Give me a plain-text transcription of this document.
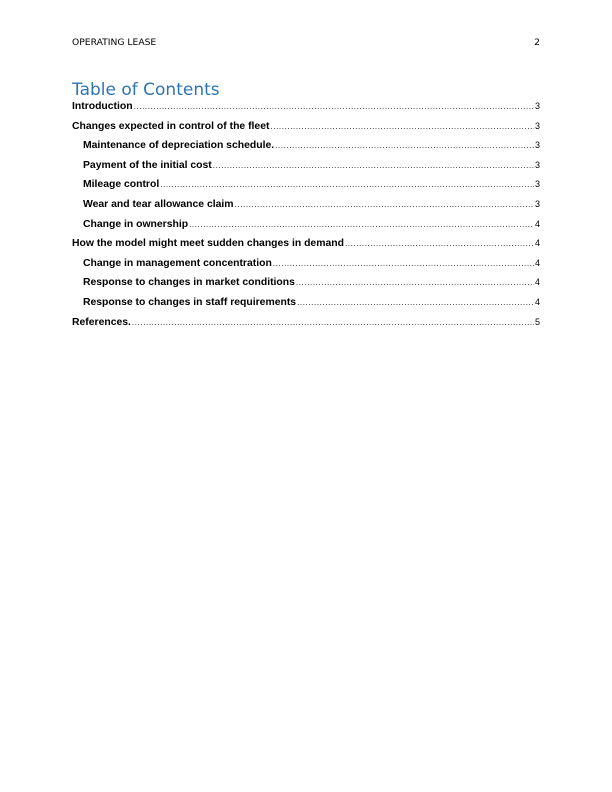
OPERATING LEASE	2
Table of Contents
Introduction .....	3
Changes expected in control of the fleet .....	3
Maintenance of depreciation schedule. .....	3
Payment of the initial cost .....	3
Mileage control .....	3
Wear and tear allowance claim .....	3
Change in ownership .....	4
How the model might meet sudden changes in demand .....	4
Change in management concentration .....	4
Response to changes in market conditions .....	4
Response to changes in staff requirements .....	4
References. .....	5
